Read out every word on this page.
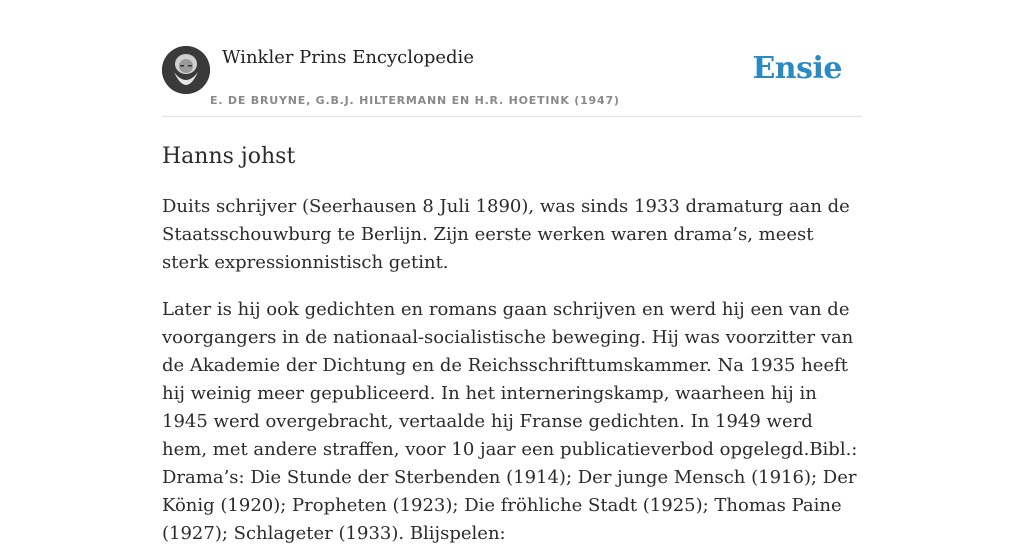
Winkler Prins Encyclopedie
E. DE BRUYNE, G.B.J. HILTERMANN EN H.R. HOETINK (1947)
Ensie
Hanns johst

Duits schrijver (Seerhausen 8 Juli 1890), was sinds 1933 dramaturg aan de Staatsschouwburg te Berlijn. Zijn eerste werken waren drama’s, meest sterk expressionnistisch getint.

Later is hij ook gedichten en romans gaan schrijven en werd hij een van de voorgangers in de nationaal-socialistische beweging. Hij was voorzitter van de Akademie der Dichtung en de Reichsschrifttumskammer. Na 1935 heeft hij weinig meer gepubliceerd. In het interneringskamp, waarheen hij in 1945 werd overgebracht, vertaalde hij Franse gedichten. In 1949 werd hem, met andere straffen, voor 10 jaar een publicatieverbod opgelegd.Bibl.: Drama’s: Die Stunde der Sterbenden (1914); Der junge Mensch (1916); Der König (1920); Propheten (1923); Die fröhliche Stadt (1925); Thomas Paine (1927); Schlageter (1933). Blijspelen:
